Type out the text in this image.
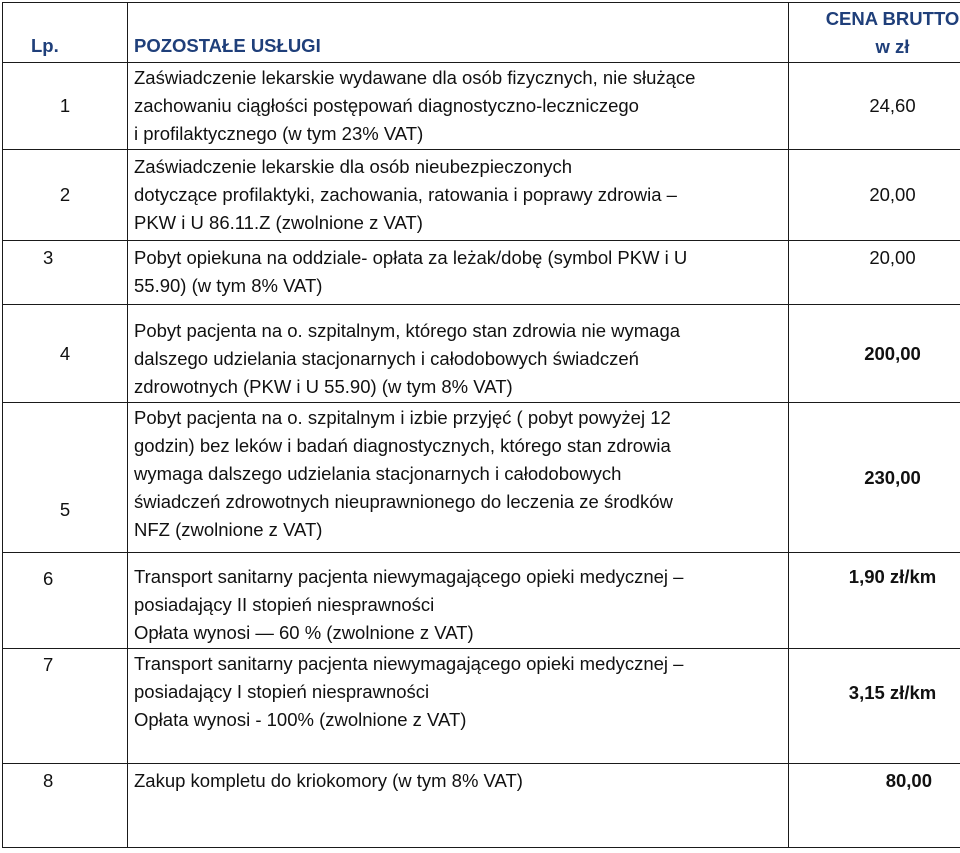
Lp.	POZOSTAŁE USŁUGI	CENA BRUTTO
w zł

1	Zaświadczenie lekarskie wydawane dla osób fizycznych, nie służące
zachowaniu ciągłości postępowań diagnostyczno-leczniczego
i profilaktycznego (w tym 23% VAT)	24,60
2	Zaświadczenie lekarskie dla osób nieubezpieczonych
dotyczące profilaktyki, zachowania, ratowania i poprawy zdrowia –
PKW i U 86.11.Z (zwolnione z VAT)	20,00
3	Pobyt opiekuna na oddziale- opłata za leżak/dobę (symbol PKW i U
55.90) (w tym 8% VAT)	20,00
4	Pobyt pacjenta na o. szpitalnym, którego stan zdrowia nie wymaga
dalszego udzielania stacjonarnych i całodobowych świadczeń
zdrowotnych (PKW i U 55.90) (w tym 8% VAT)	200,00
5	Pobyt pacjenta na o. szpitalnym i izbie przyjęć ( pobyt powyżej 12
godzin) bez leków i badań diagnostycznych, którego stan zdrowia
wymaga dalszego udzielania stacjonarnych i całodobowych
świadczeń zdrowotnych nieuprawnionego do leczenia ze środków
NFZ (zwolnione z VAT)	230,00
6	Transport sanitarny pacjenta niewymagającego opieki medycznej –
posiadający II stopień niesprawności
Opłata wynosi — 60 % (zwolnione z VAT)	1,90 zł/km
7	Transport sanitarny pacjenta niewymagającego opieki medycznej –
posiadający I stopień niesprawności
Opłata wynosi - 100% (zwolnione z VAT)	3,15 zł/km
8	Zakup kompletu do kriokomory (w tym 8% VAT)	80,00
